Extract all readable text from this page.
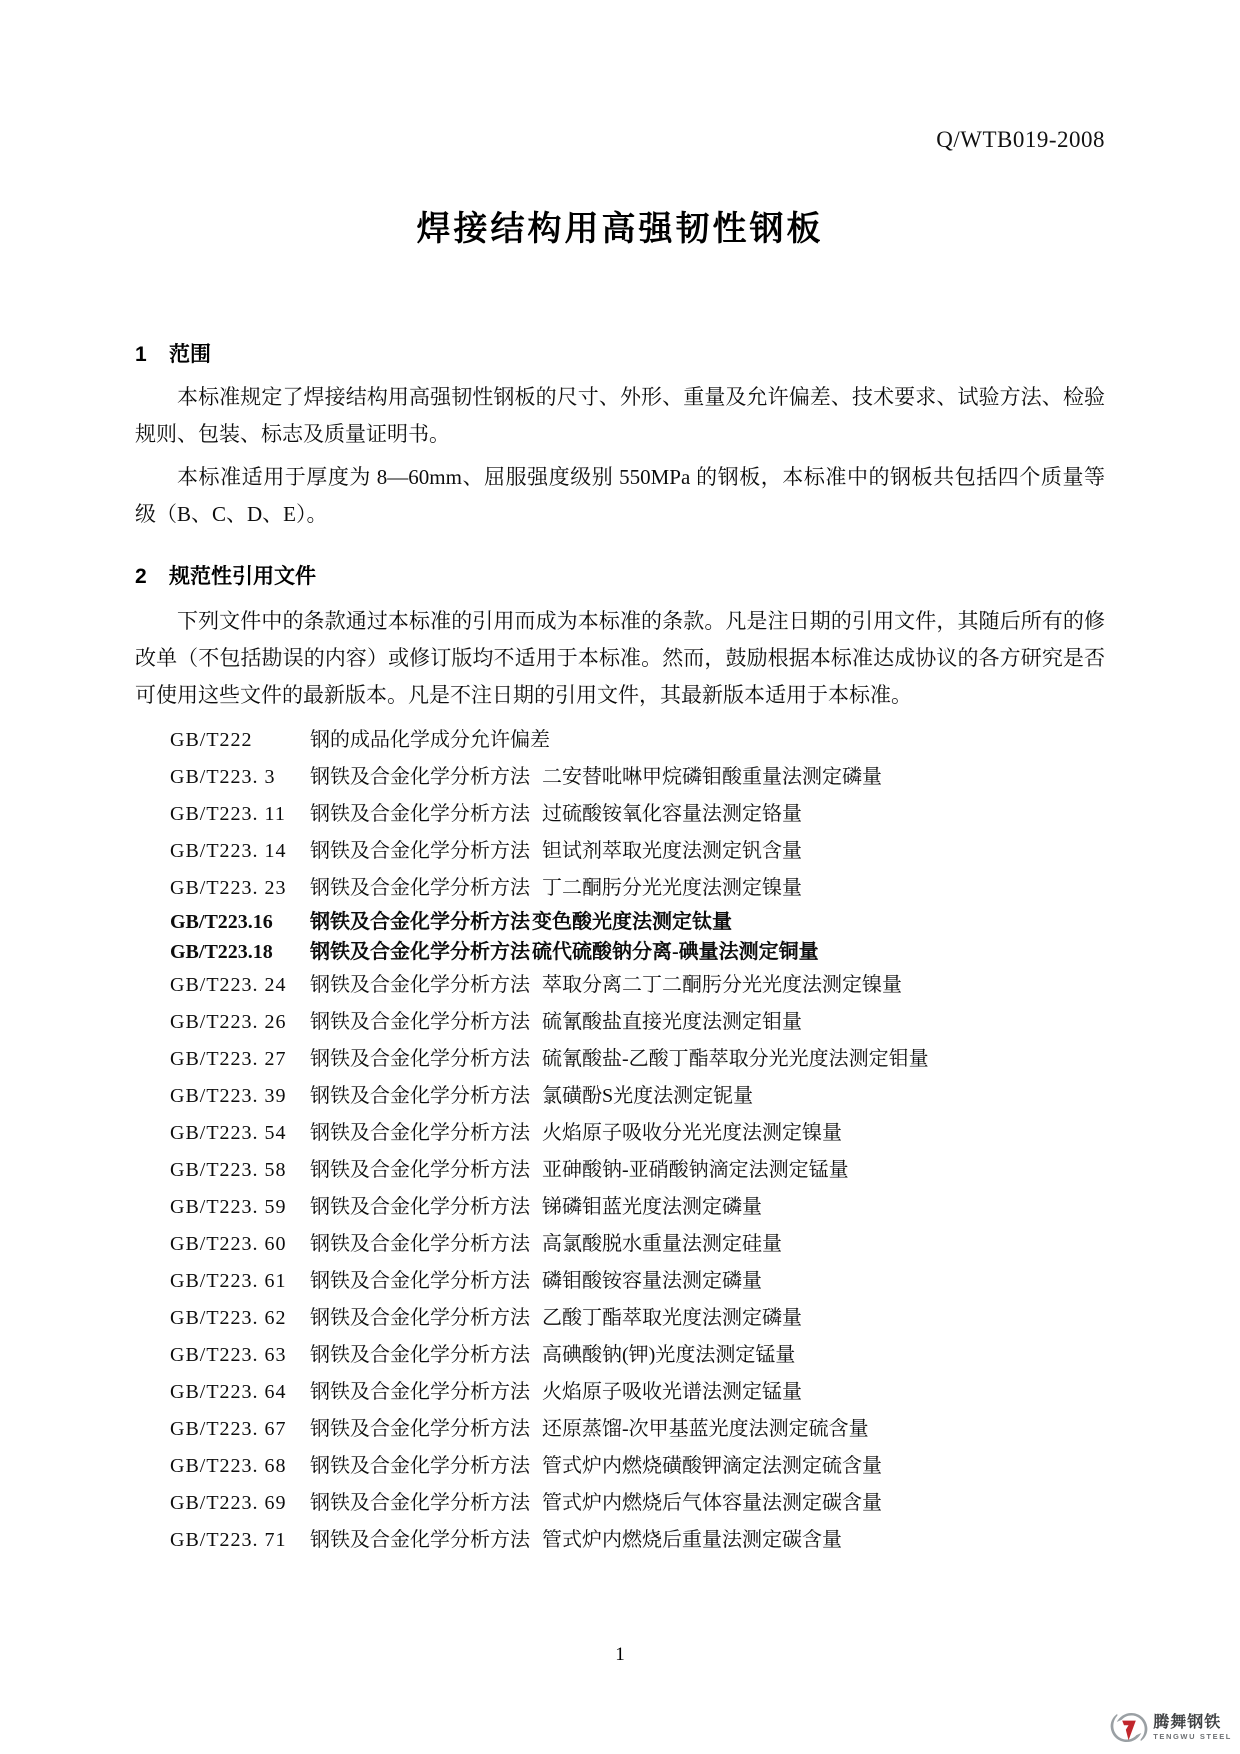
Q/WTB019-2008
焊接结构用高强韧性钢板
1 范围

本标准规定了焊接结构用高强韧性钢板的尺寸、外形、重量及允许偏差、技术要求、试验方法、检验规则、包装、标志及质量证明书。

本标准适用于厚度为 8—60mm、屈服强度级别 550MPa 的钢板，本标准中的钢板共包括四个质量等级（B、C、D、E）。

2 规范性引用文件

下列文件中的条款通过本标准的引用而成为本标准的条款。凡是注日期的引用文件，其随后所有的修改单（不包括勘误的内容）或修订版均不适用于本标准。然而，鼓励根据本标准达成协议的各方研究是否可使用这些文件的最新版本。凡是不注日期的引用文件，其最新版本适用于本标准。

GB/T222	钢的成品化学成分允许偏差
GB/T223. 3	钢铁及合金化学分析方法 二安替吡啉甲烷磷钼酸重量法测定磷量
GB/T223. 11	钢铁及合金化学分析方法 过硫酸铵氧化容量法测定铬量
GB/T223. 14	钢铁及合金化学分析方法 钽试剂萃取光度法测定钒含量
GB/T223. 23	钢铁及合金化学分析方法 丁二酮肟分光光度法测定镍量
GB/T223.16	钢铁及合金化学分析方法 变色酸光度法测定钛量
GB/T223.18	钢铁及合金化学分析方法 硫代硫酸钠分离-碘量法测定铜量
GB/T223. 24	钢铁及合金化学分析方法 萃取分离二丁二酮肟分光光度法测定镍量
GB/T223. 26	钢铁及合金化学分析方法 硫氰酸盐直接光度法测定钼量
GB/T223. 27	钢铁及合金化学分析方法 硫氰酸盐-乙酸丁酯萃取分光光度法测定钼量
GB/T223. 39	钢铁及合金化学分析方法 氯磺酚S光度法测定铌量
GB/T223. 54	钢铁及合金化学分析方法 火焰原子吸收分光光度法测定镍量
GB/T223. 58	钢铁及合金化学分析方法 亚砷酸钠-亚硝酸钠滴定法测定锰量
GB/T223. 59	钢铁及合金化学分析方法 锑磷钼蓝光度法测定磷量
GB/T223. 60	钢铁及合金化学分析方法 高氯酸脱水重量法测定硅量
GB/T223. 61	钢铁及合金化学分析方法 磷钼酸铵容量法测定磷量
GB/T223. 62	钢铁及合金化学分析方法 乙酸丁酯萃取光度法测定磷量
GB/T223. 63	钢铁及合金化学分析方法 高碘酸钠(钾)光度法测定锰量
GB/T223. 64	钢铁及合金化学分析方法 火焰原子吸收光谱法测定锰量
GB/T223. 67	钢铁及合金化学分析方法 还原蒸馏-次甲基蓝光度法测定硫含量
GB/T223. 68	钢铁及合金化学分析方法 管式炉内燃烧磺酸钾滴定法测定硫含量
GB/T223. 69	钢铁及合金化学分析方法 管式炉内燃烧后气体容量法测定碳含量
GB/T223. 71	钢铁及合金化学分析方法 管式炉内燃烧后重量法测定碳含量
1
腾舞钢铁
TENGWU STEEL
